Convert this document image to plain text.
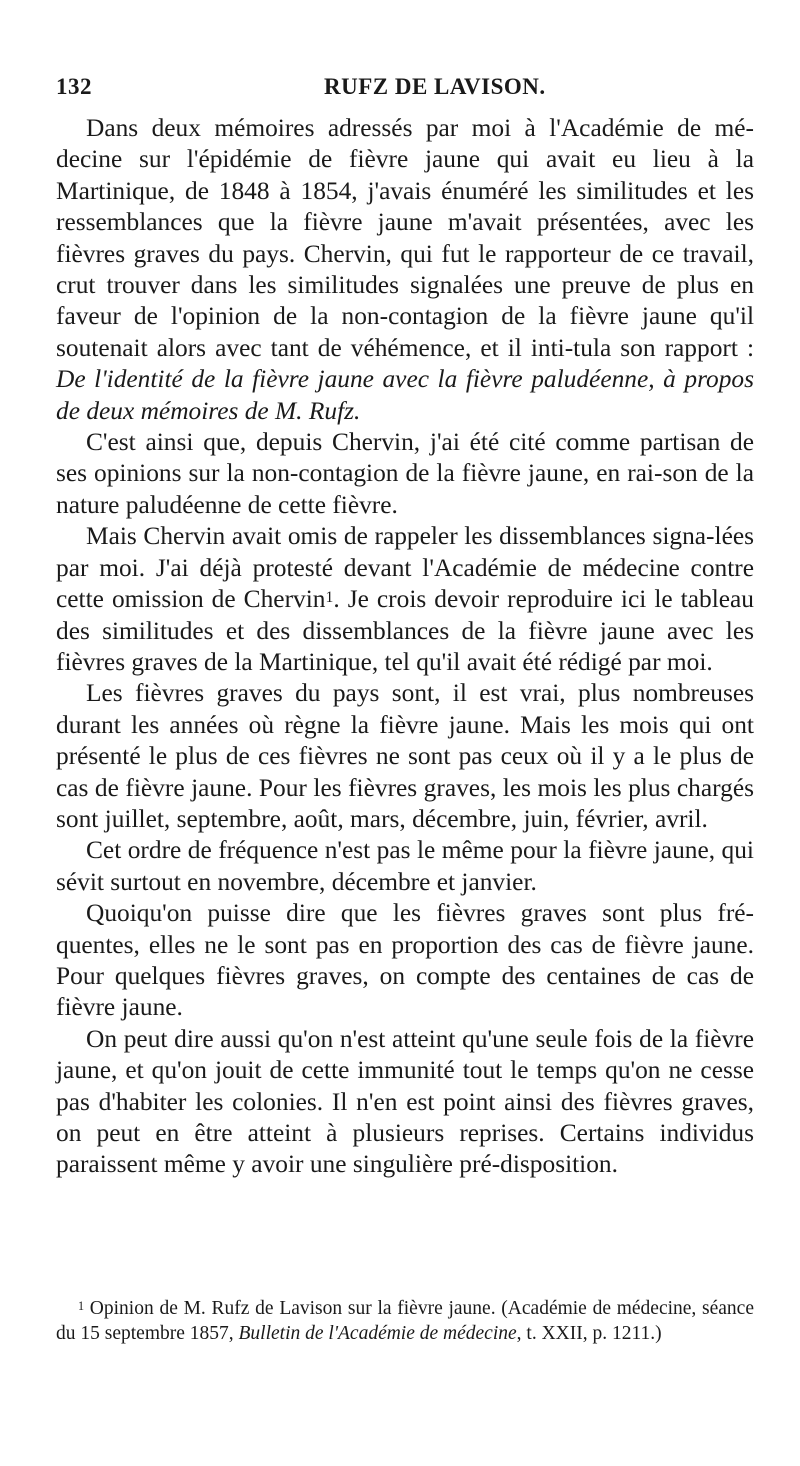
132	RUFZ DE LAVISON.

Dans deux mémoires adressés par moi à l'Académie de mé-decine sur l'épidémie de fièvre jaune qui avait eu lieu à la Martinique, de 1848 à 1854, j'avais énuméré les similitudes et les ressemblances que la fièvre jaune m'avait présentées, avec les fièvres graves du pays. Chervin, qui fut le rapporteur de ce travail, crut trouver dans les similitudes signalées une preuve de plus en faveur de l'opinion de la non-contagion de la fièvre jaune qu'il soutenait alors avec tant de véhémence, et il inti-tula son rapport : De l'identité de la fièvre jaune avec la fièvre paludéenne, à propos de deux mémoires de M. Rufz.

C'est ainsi que, depuis Chervin, j'ai été cité comme partisan de ses opinions sur la non-contagion de la fièvre jaune, en rai-son de la nature paludéenne de cette fièvre.

Mais Chervin avait omis de rappeler les dissemblances signa-lées par moi. J'ai déjà protesté devant l'Académie de médecine contre cette omission de Chervin$^1$. Je crois devoir reproduire ici le tableau des similitudes et des dissemblances de la fièvre jaune avec les fièvres graves de la Martinique, tel qu'il avait été rédigé par moi.

Les fièvres graves du pays sont, il est vrai, plus nombreuses durant les années où règne la fièvre jaune. Mais les mois qui ont présenté le plus de ces fièvres ne sont pas ceux où il y a le plus de cas de fièvre jaune. Pour les fièvres graves, les mois les plus chargés sont juillet, septembre, août, mars, décembre, juin, février, avril.

Cet ordre de fréquence n'est pas le même pour la fièvre jaune, qui sévit surtout en novembre, décembre et janvier.

Quoiqu'on puisse dire que les fièvres graves sont plus fré-quentes, elles ne le sont pas en proportion des cas de fièvre jaune. Pour quelques fièvres graves, on compte des centaines de cas de fièvre jaune.

On peut dire aussi qu'on n'est atteint qu'une seule fois de la fièvre jaune, et qu'on jouit de cette immunité tout le temps qu'on ne cesse pas d'habiter les colonies. Il n'en est point ainsi des fièvres graves, on peut en être atteint à plusieurs reprises. Certains individus paraissent même y avoir une singulière pré-disposition.

$^1$ Opinion de M. Rufz de Lavison sur la fièvre jaune. (Académie de médecine, séance du 15 septembre 1857, Bulletin de l'Académie de médecine, t. XXII, p. 1211.)
